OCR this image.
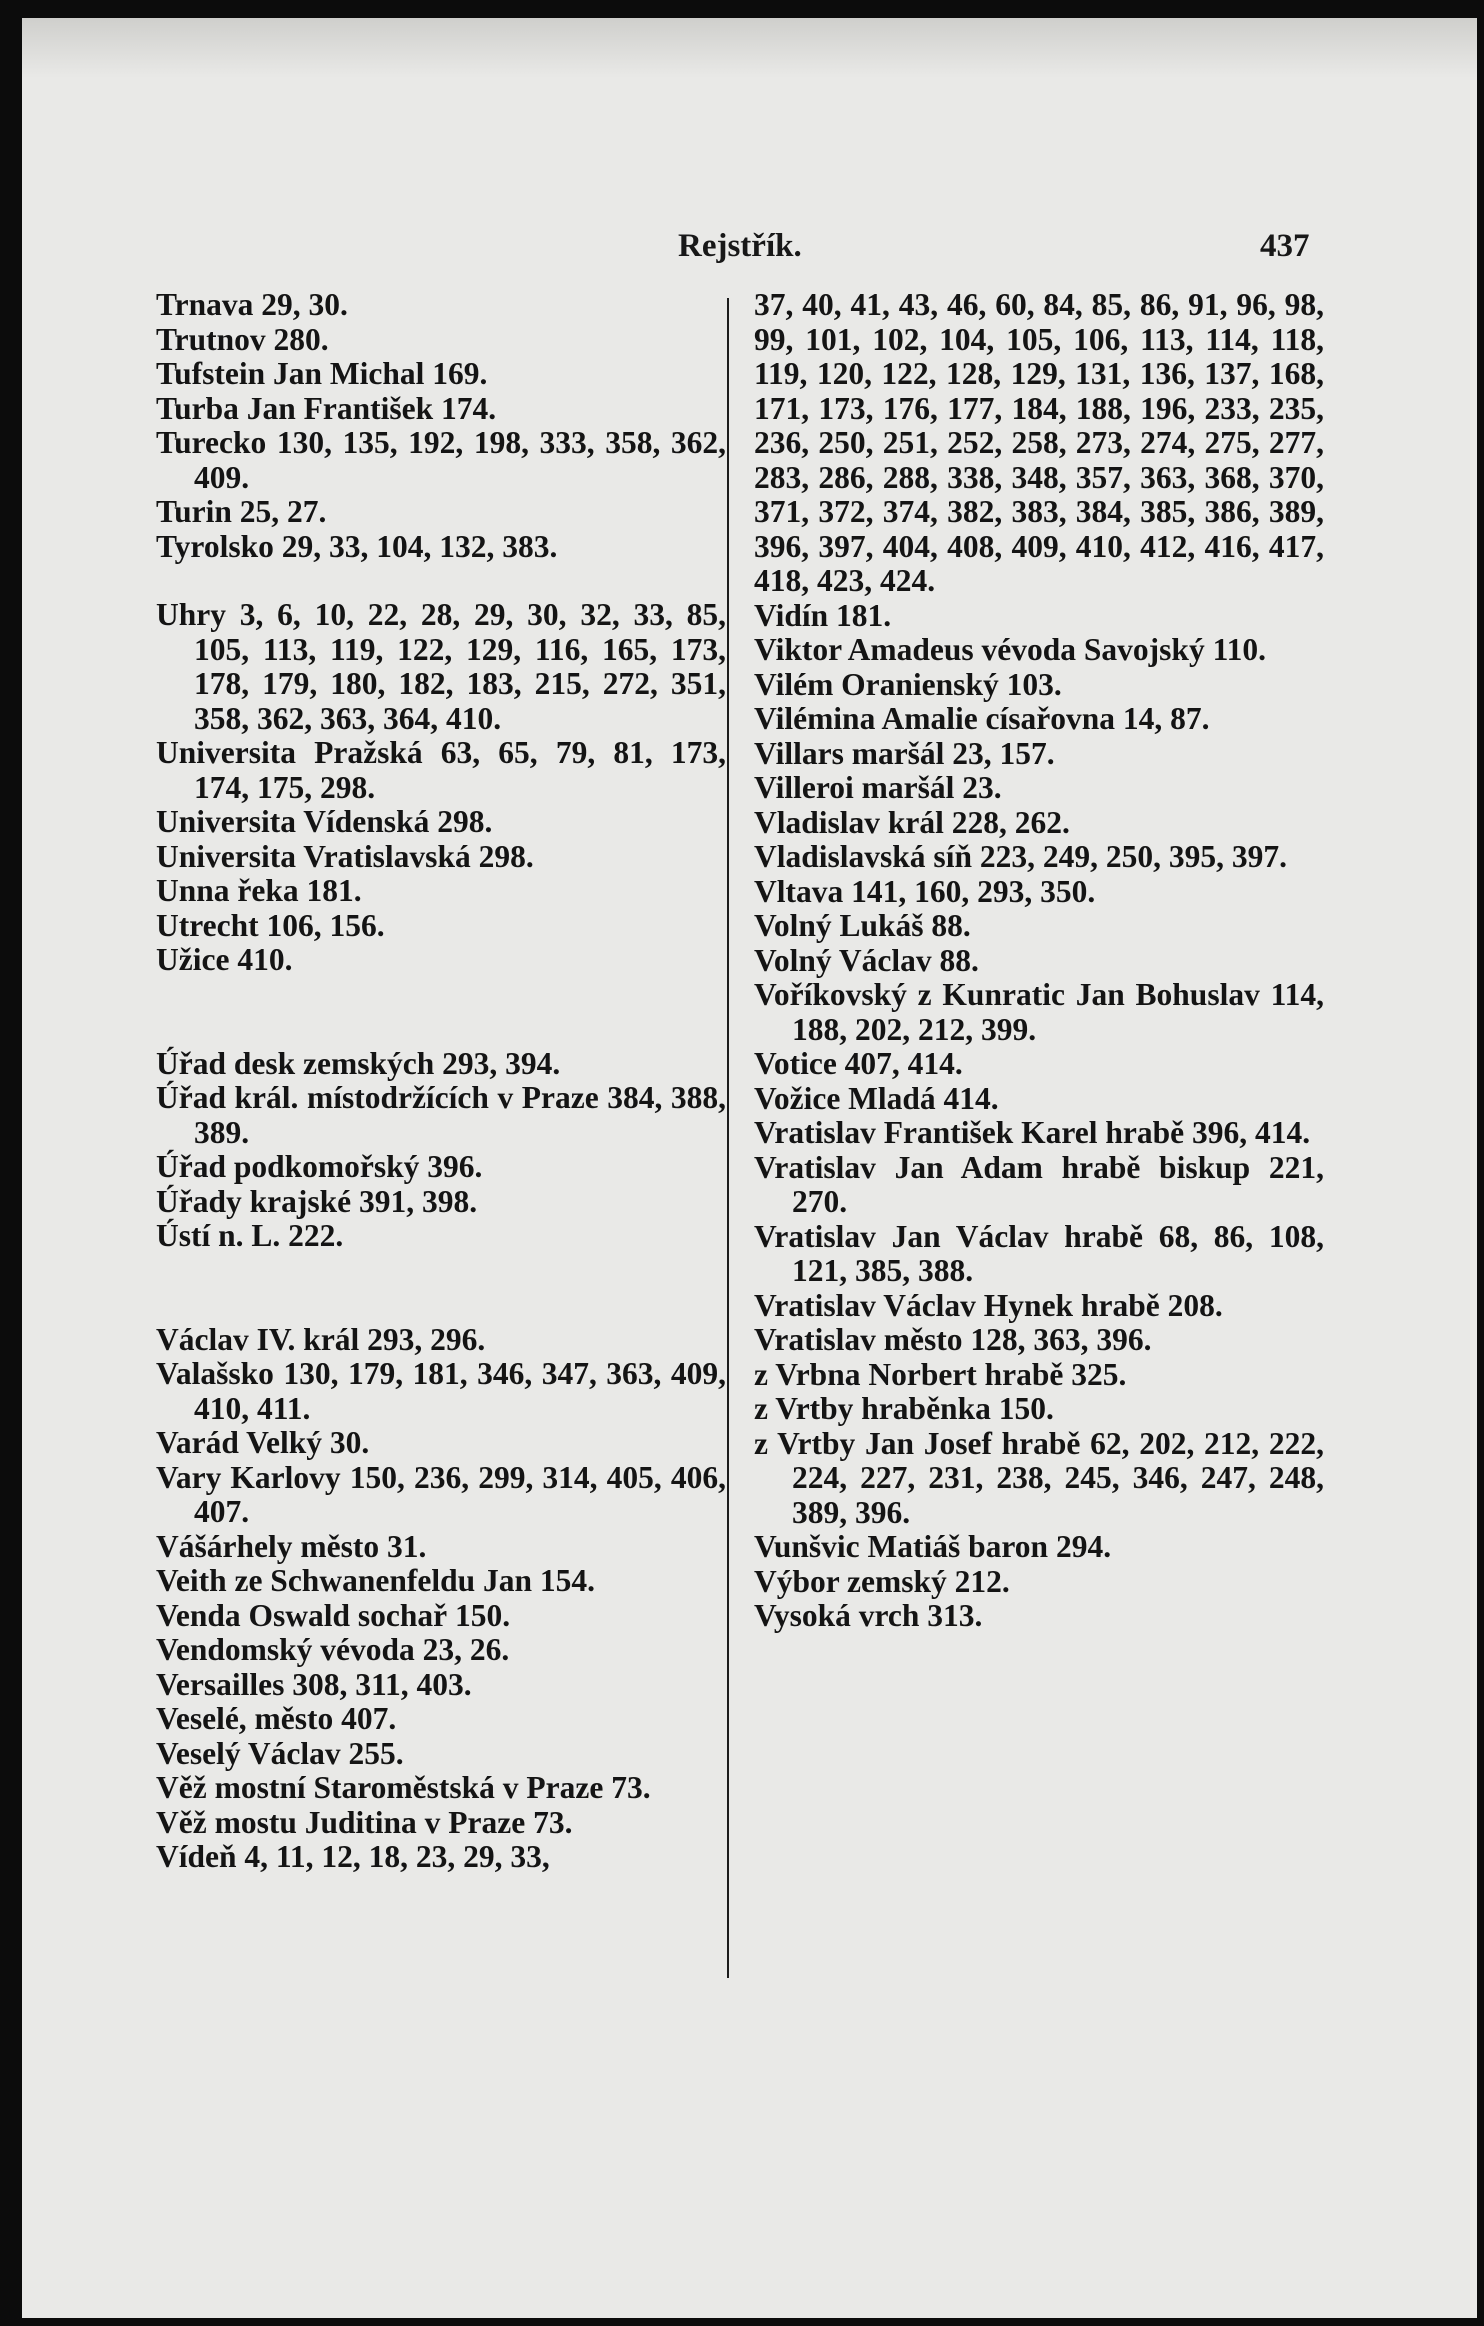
Rejstřík.	437

Trnava 29, 30.

Trutnov 280.

Tufstein Jan Michal 169.

Turba Jan František 174.

Turecko 130, 135, 192, 198, 333, 358, 362, 409.

Turin 25, 27.

Tyrolsko 29, 33, 104, 132, 383.

Uhry 3, 6, 10, 22, 28, 29, 30, 32, 33, 85, 105, 113, 119, 122, 129, 116, 165, 173, 178, 179, 180, 182, 183, 215, 272, 351, 358, 362, 363, 364, 410.

Universita Pražská 63, 65, 79, 81, 173, 174, 175, 298.

Universita Vídenská 298.

Universita Vratislavská 298.

Unna řeka 181.

Utrecht 106, 156.

Užice 410.

Úřad desk zemských 293, 394.

Úřad král. místodržících v Praze 384, 388, 389.

Úřad podkomořský 396.

Úřady krajské 391, 398.

Ústí n. L. 222.

Václav IV. král 293, 296.

Valašsko 130, 179, 181, 346, 347, 363, 409, 410, 411.

Varád Velký 30.

Vary Karlovy 150, 236, 299, 314, 405, 406, 407.

Vášárhely město 31.

Veith ze Schwanenfeldu Jan 154.

Venda Oswald sochař 150.

Vendomský vévoda 23, 26.

Versailles 308, 311, 403.

Veselé, město 407.

Veselý Václav 255.

Věž mostní Staroměstská v Praze 73.

Věž mostu Juditina v Praze 73.

Vídeň 4, 11, 12, 18, 23, 29, 33,

37, 40, 41, 43, 46, 60, 84, 85, 86, 91, 96, 98, 99, 101, 102, 104, 105, 106, 113, 114, 118, 119, 120, 122, 128, 129, 131, 136, 137, 168, 171, 173, 176, 177, 184, 188, 196, 233, 235, 236, 250, 251, 252, 258, 273, 274, 275, 277, 283, 286, 288, 338, 348, 357, 363, 368, 370, 371, 372, 374, 382, 383, 384, 385, 386, 389, 396, 397, 404, 408, 409, 410, 412, 416, 417, 418, 423, 424.

Vidín 181.

Viktor Amadeus vévoda Savojský 110.

Vilém Oranienský 103.

Vilémina Amalie císařovna 14, 87.

Villars maršál 23, 157.

Villeroi maršál 23.

Vladislav král 228, 262.

Vladislavská síň 223, 249, 250, 395, 397.

Vltava 141, 160, 293, 350.

Volný Lukáš 88.

Volný Václav 88.

Voříkovský z Kunratic Jan Bohuslav 114, 188, 202, 212, 399.

Votice 407, 414.

Vožice Mladá 414.

Vratislav František Karel hrabě 396, 414.

Vratislav Jan Adam hrabě biskup 221, 270.

Vratislav Jan Václav hrabě 68, 86, 108, 121, 385, 388.

Vratislav Václav Hynek hrabě 208.

Vratislav město 128, 363, 396.

z Vrbna Norbert hrabě 325.

z Vrtby hraběnka 150.

z Vrtby Jan Josef hrabě 62, 202, 212, 222, 224, 227, 231, 238, 245, 346, 247, 248, 389, 396.

Vunšvic Matiáš baron 294.

Výbor zemský 212.

Vysoká vrch 313.
